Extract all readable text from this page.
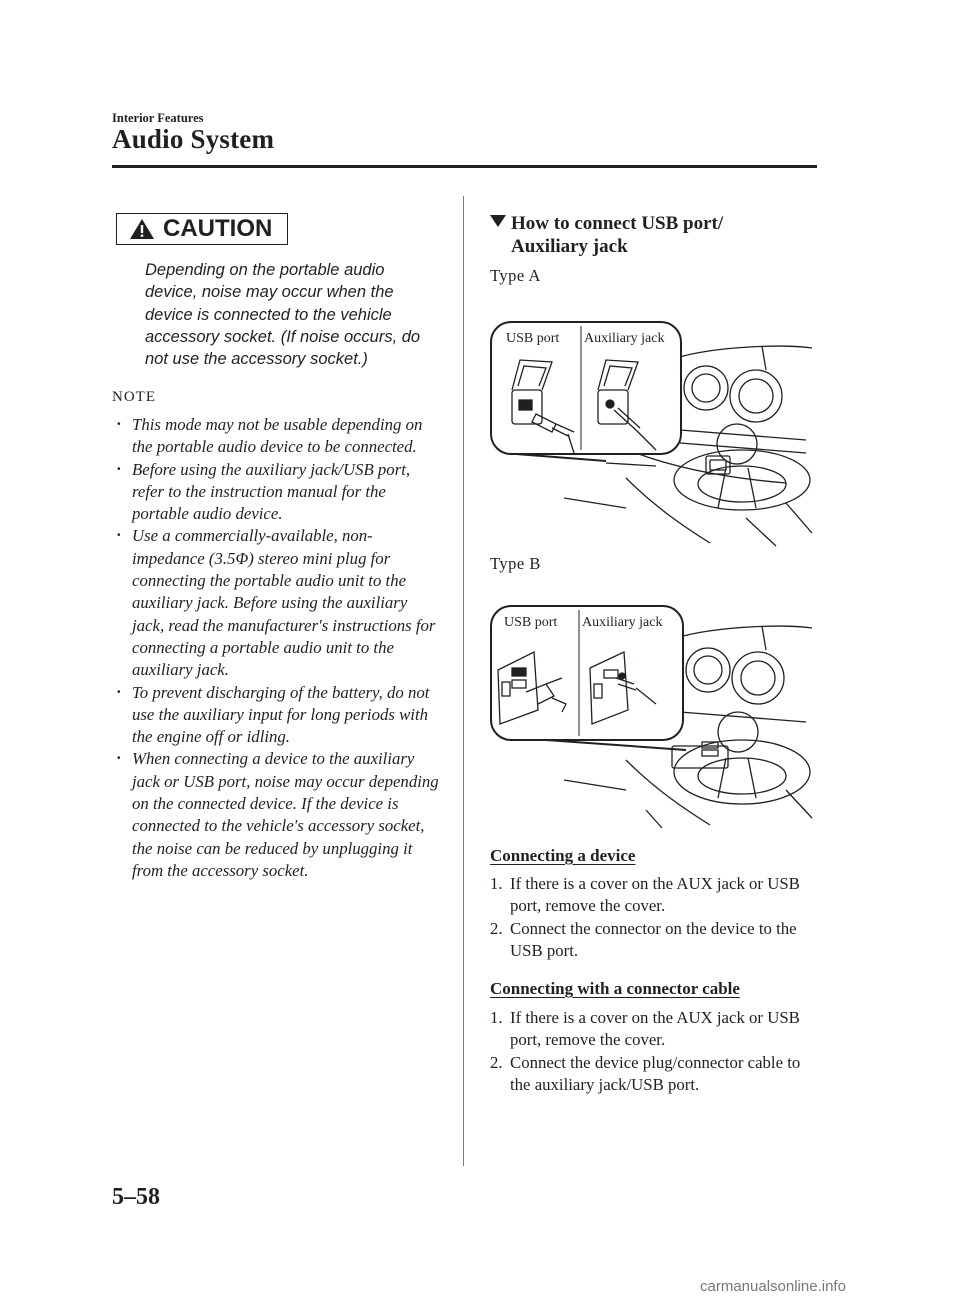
Interior Features
Audio System
CAUTION
Depending on the portable audio device, noise may occur when the device is connected to the vehicle accessory socket. (If noise occurs, do not use the accessory socket.)
NOTE
· This mode may not be usable depending on the portable audio device to be connected.
· Before using the auxiliary jack/USB port, refer to the instruction manual for the portable audio device.
· Use a commercially-available, non-impedance (3.5Φ) stereo mini plug for connecting the portable audio unit to the auxiliary jack. Before using the auxiliary jack, read the manufacturer's instructions for connecting a portable audio unit to the auxiliary jack.
· To prevent discharging of the battery, do not use the auxiliary input for long periods with the engine off or idling.
· When connecting a device to the auxiliary jack or USB port, noise may occur depending on the connected device. If the device is connected to the vehicle's accessory socket, the noise can be reduced by unplugging it from the accessory socket.
How to connect USB port/
Auxiliary jack
Type A
USB port Auxiliary jack
Type B
USB port Auxiliary jack
Connecting a device
1. If there is a cover on the AUX jack or USB port, remove the cover.
2. Connect the connector on the device to the USB port.
Connecting with a connector cable
1. If there is a cover on the AUX jack or USB port, remove the cover.
2. Connect the device plug/connector cable to the auxiliary jack/USB port.
5–58
carmanualsonline.info
